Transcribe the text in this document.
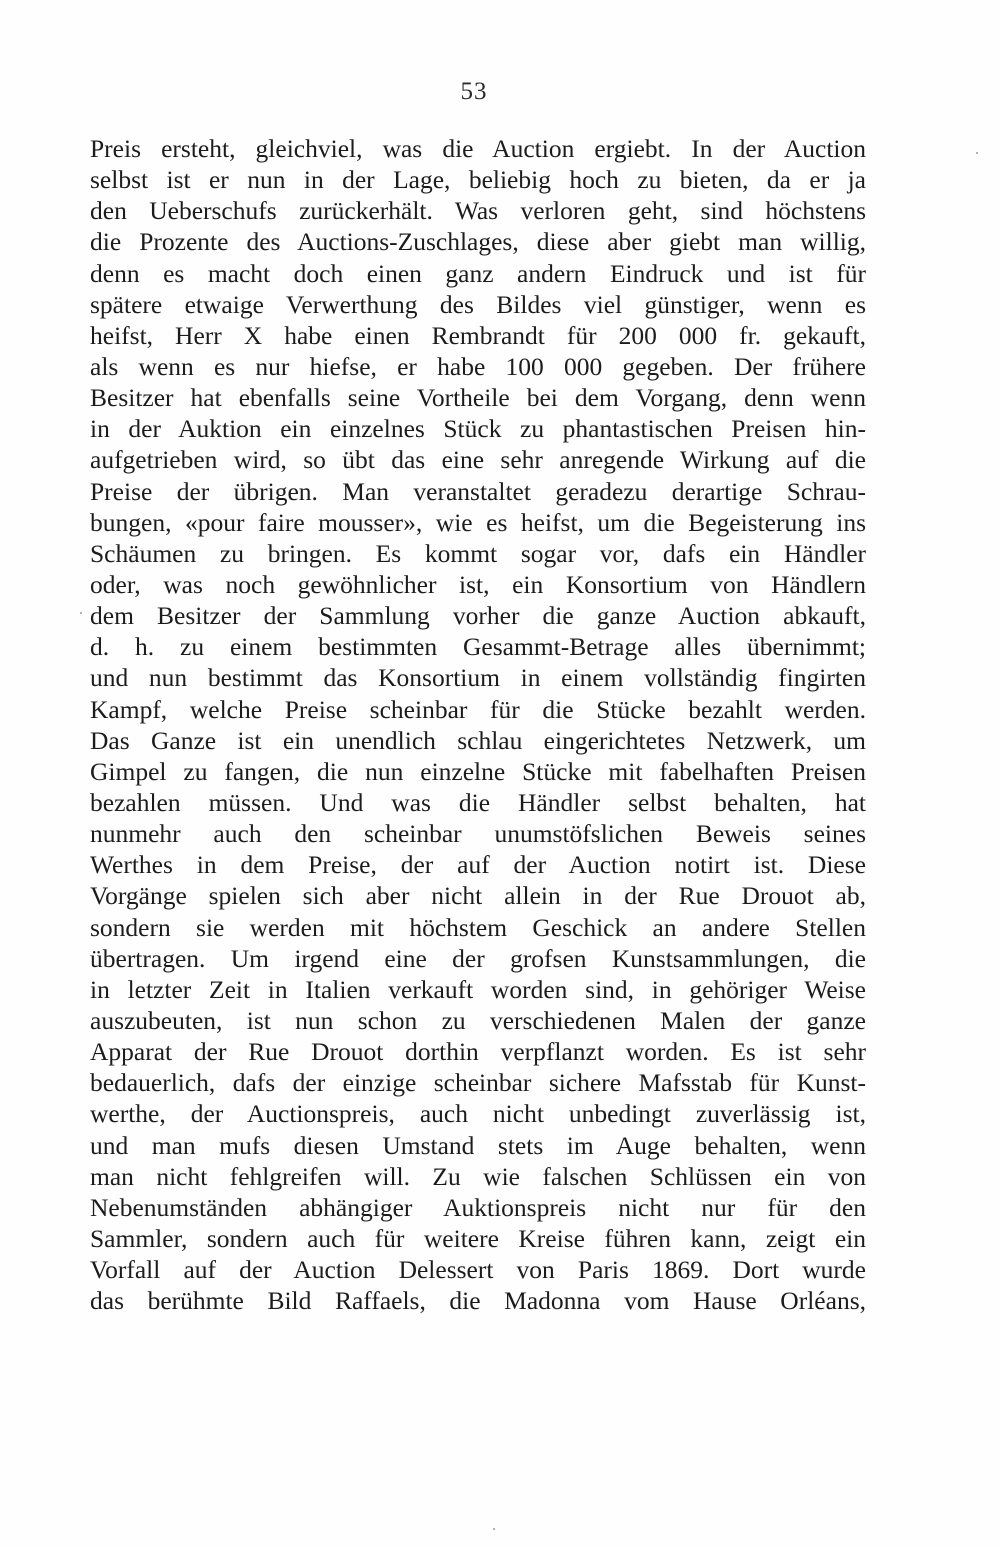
53
Preis ersteht, gleichviel, was die Auction ergiebt. In der Auction
selbst ist er nun in der Lage, beliebig hoch zu bieten, da er ja
den Ueberschufs zurückerhält. Was verloren geht, sind höchstens
die Prozente des Auctions-Zuschlages, diese aber giebt man willig,
denn es macht doch einen ganz andern Eindruck und ist für
spätere etwaige Verwerthung des Bildes viel günstiger, wenn es
heifst, Herr X habe einen Rembrandt für 200 000 fr. gekauft,
als wenn es nur hiefse, er habe 100 000 gegeben. Der frühere
Besitzer hat ebenfalls seine Vortheile bei dem Vorgang, denn wenn
in der Auktion ein einzelnes Stück zu phantastischen Preisen hin-
aufgetrieben wird, so übt das eine sehr anregende Wirkung auf die
Preise der übrigen. Man veranstaltet geradezu derartige Schrau-
bungen, «pour faire mousser», wie es heifst, um die Begeisterung ins
Schäumen zu bringen. Es kommt sogar vor, dafs ein Händler
oder, was noch gewöhnlicher ist, ein Konsortium von Händlern
dem Besitzer der Sammlung vorher die ganze Auction abkauft,
d. h. zu einem bestimmten Gesammt-Betrage alles übernimmt;
und nun bestimmt das Konsortium in einem vollständig fingirten
Kampf, welche Preise scheinbar für die Stücke bezahlt werden.
Das Ganze ist ein unendlich schlau eingerichtetes Netzwerk, um
Gimpel zu fangen, die nun einzelne Stücke mit fabelhaften Preisen
bezahlen müssen. Und was die Händler selbst behalten, hat
nunmehr auch den scheinbar unumstöfslichen Beweis seines
Werthes in dem Preise, der auf der Auction notirt ist. Diese
Vorgänge spielen sich aber nicht allein in der Rue Drouot ab,
sondern sie werden mit höchstem Geschick an andere Stellen
übertragen. Um irgend eine der grofsen Kunstsammlungen, die
in letzter Zeit in Italien verkauft worden sind, in gehöriger Weise
auszubeuten, ist nun schon zu verschiedenen Malen der ganze
Apparat der Rue Drouot dorthin verpflanzt worden. Es ist sehr
bedauerlich, dafs der einzige scheinbar sichere Mafsstab für Kunst-
werthe, der Auctionspreis, auch nicht unbedingt zuverlässig ist,
und man mufs diesen Umstand stets im Auge behalten, wenn
man nicht fehlgreifen will. Zu wie falschen Schlüssen ein von
Nebenumständen abhängiger Auktionspreis nicht nur für den
Sammler, sondern auch für weitere Kreise führen kann, zeigt ein
Vorfall auf der Auction Delessert von Paris 1869. Dort wurde
das berühmte Bild Raffaels, die Madonna vom Hause Orléans,
